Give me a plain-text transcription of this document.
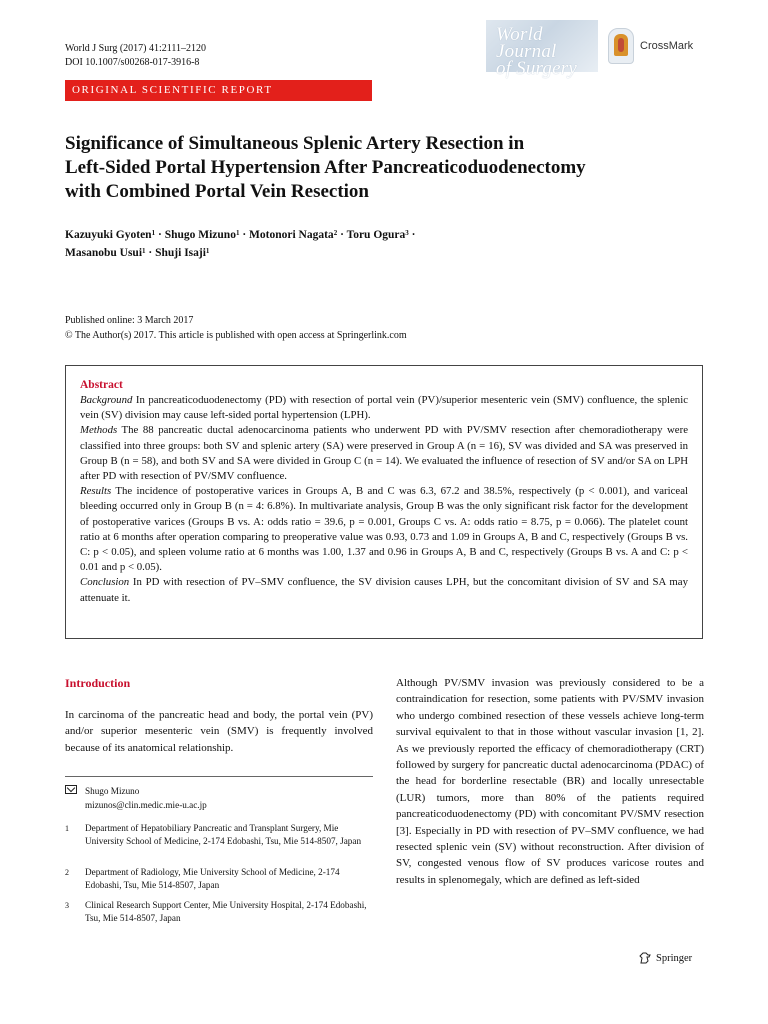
World J Surg (2017) 41:2111–2120
DOI 10.1007/s00268-017-3916-8
World Journal
of Surgery
CrossMark
ORIGINAL SCIENTIFIC REPORT
Significance of Simultaneous Splenic Artery Resection in
Left-Sided Portal Hypertension After Pancreaticoduodenectomy
with Combined Portal Vein Resection
Kazuyuki Gyoten$^1$ · Shugo Mizuno$^1$ · Motonori Nagata$^2$ · Toru Ogura$^3$ ·
Masanobu Usui$^1$ · Shuji Isaji$^1$
Published online: 3 March 2017
© The Author(s) 2017. This article is published with open access at Springerlink.com
Abstract
Background In pancreaticoduodenectomy (PD) with resection of portal vein (PV)/superior mesenteric vein (SMV) confluence, the splenic vein (SV) division may cause left-sided portal hypertension (LPH).
Methods The 88 pancreatic ductal adenocarcinoma patients who underwent PD with PV/SMV resection after chemoradiotherapy were classified into three groups: both SV and splenic artery (SA) were preserved in Group A (n = 16), SV was divided and SA was preserved in Group B (n = 58), and both SV and SA were divided in Group C (n = 14). We evaluated the influence of resection of SV and/or SA on LPH after PD with resection of PV/SMV confluence.
Results The incidence of postoperative varices in Groups A, B and C was 6.3, 67.2 and 38.5%, respectively (p < 0.001), and variceal bleeding occurred only in Group B (n = 4: 6.8%). In multivariate analysis, Group B was the only significant risk factor for the development of postoperative varices (Groups B vs. A: odds ratio = 39.6, p = 0.001, Groups C vs. A: odds ratio = 8.75, p = 0.066). The platelet count ratio at 6 months after operation comparing to preoperative value was 0.93, 0.73 and 1.09 in Groups A, B and C, respectively (Groups B vs. C: p < 0.05), and spleen volume ratio at 6 months was 1.00, 1.37 and 0.96 in Groups A, B and C, respectively (Groups B vs. A and C: p < 0.01 and p < 0.05).
Conclusion In PD with resection of PV–SMV confluence, the SV division causes LPH, but the concomitant division of SV and SA may attenuate it.
Introduction

In carcinoma of the pancreatic head and body, the portal vein (PV) and/or superior mesenteric vein (SMV) is frequently involved because of its anatomical relationship.

Shugo Mizuno
mizunos@clin.medic.mie-u.ac.jp
1	Department of Hepatobiliary Pancreatic and Transplant Surgery, Mie University School of Medicine, 2-174 Edobashi, Tsu, Mie 514-8507, Japan
2	Department of Radiology, Mie University School of Medicine, 2-174 Edobashi, Tsu, Mie 514-8507, Japan
3	Clinical Research Support Center, Mie University Hospital, 2-174 Edobashi, Tsu, Mie 514-8507, Japan

Although PV/SMV invasion was previously considered to be a contraindication for resection, some patients with PV/SMV invasion who undergo combined resection of these vessels achieve long-term survival equivalent to that in those without vascular invasion [1, 2]. As we previously reported the efficacy of chemoradiotherapy (CRT) followed by surgery for pancreatic ductal adenocarcinoma (PDAC) of the head for borderline resectable (BR) and locally unresectable (LUR) tumors, more than 80% of the patients required pancreaticoduodenectomy (PD) with concomitant PV/SMV resection [3]. Especially in PD with resection of PV–SMV confluence, we had resected splenic vein (SV) without reconstruction. After division of SV, congested venous flow of SV produces varicose routes and results in splenomegaly, which are defined as left-sided

Springer
